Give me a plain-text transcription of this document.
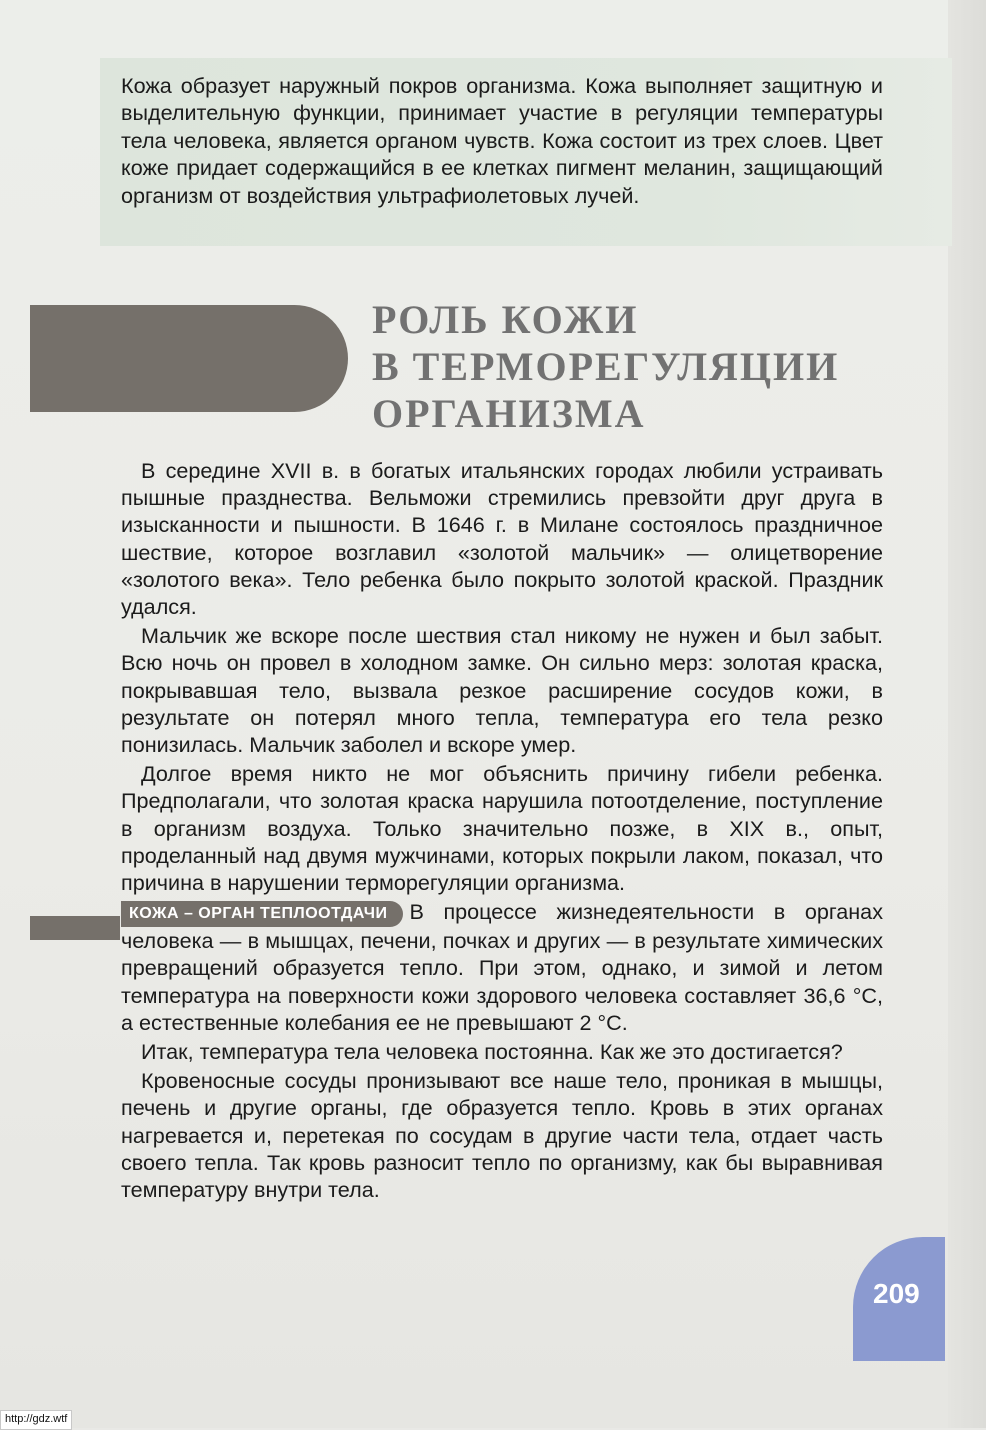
Кожа образует наружный покров организма. Кожа выполняет защитную и выделительную функции, принимает участие в регуляции температуры тела человека, является органом чувств. Кожа состоит из трех слоев. Цвет коже придает содержащийся в ее клетках пигмент меланин, защищающий организм от воздействия ультрафиолетовых лучей.

РОЛЬ КОЖИ
В ТЕРМОРЕГУЛЯЦИИ
ОРГАНИЗМА

В середине XVII в. в богатых итальянских городах любили устраивать пышные празднества. Вельможи стремились превзойти друг друга в изысканности и пышности. В 1646 г. в Милане состоялось праздничное шествие, которое возглавил «золотой мальчик» — олицетворение «золотого века». Тело ребенка было покрыто золотой краской. Праздник удался.

Мальчик же вскоре после шествия стал никому не нужен и был забыт. Всю ночь он провел в холодном замке. Он сильно мерз: золотая краска, покрывавшая тело, вызвала резкое расширение сосудов кожи, в результате он потерял много тепла, температура его тела резко понизилась. Мальчик заболел и вскоре умер.

Долгое время никто не мог объяснить причину гибели ребенка. Предполагали, что золотая краска нарушила потоотделение, поступление в организм воздуха. Только значительно позже, в XIX в., опыт, проделанный над двумя мужчинами, которых покрыли лаком, показал, что причина в нарушении терморегуляции организма.

КОЖА – ОРГАН ТЕПЛООТДАЧИ В процессе жизнедеятельности в органах человека — в мышцах, печени, почках и других — в результате химических превращений образуется тепло. При этом, однако, и зимой и летом температура на поверхности кожи здорового человека составляет 36,6 °С, а естественные колебания ее не превышают 2 °С.

Итак, температура тела человека постоянна. Как же это достигается?

Кровеносные сосуды пронизывают все наше тело, проникая в мышцы, печень и другие органы, где образуется тепло. Кровь в этих органах нагревается и, перетекая по сосудам в другие части тела, отдает часть своего тепла. Так кровь разносит тепло по организму, как бы выравнивая температуру внутри тела.

209

http://gdz.wtf
